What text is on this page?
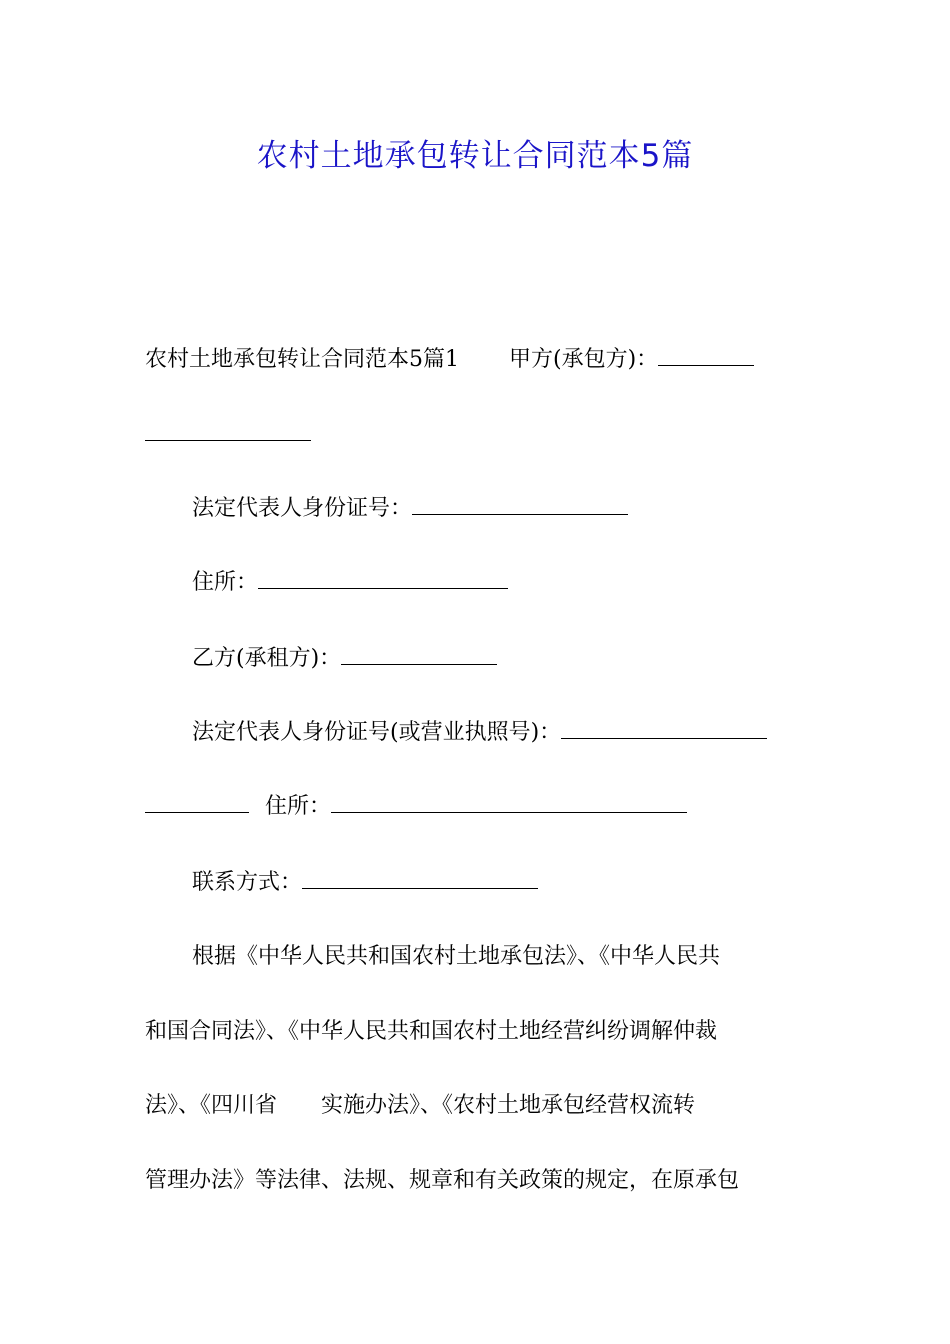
农村土地承包转让合同范本5篇
农村土地承包转让合同范本5篇1 甲方(承包方)：
法定代表人身份证号：
住所：
乙方(承租方)：
法定代表人身份证号(或营业执照号)：
住所：
联系方式：
根据《中华人民共和国农村土地承包法》、《中华人民共
和国合同法》、《中华人民共和国农村土地经营纠纷调解仲裁
法》、《四川省　　实施办法》、《农村土地承包经营权流转
管理办法》等法律、法规、规章和有关政策的规定，在原承包
